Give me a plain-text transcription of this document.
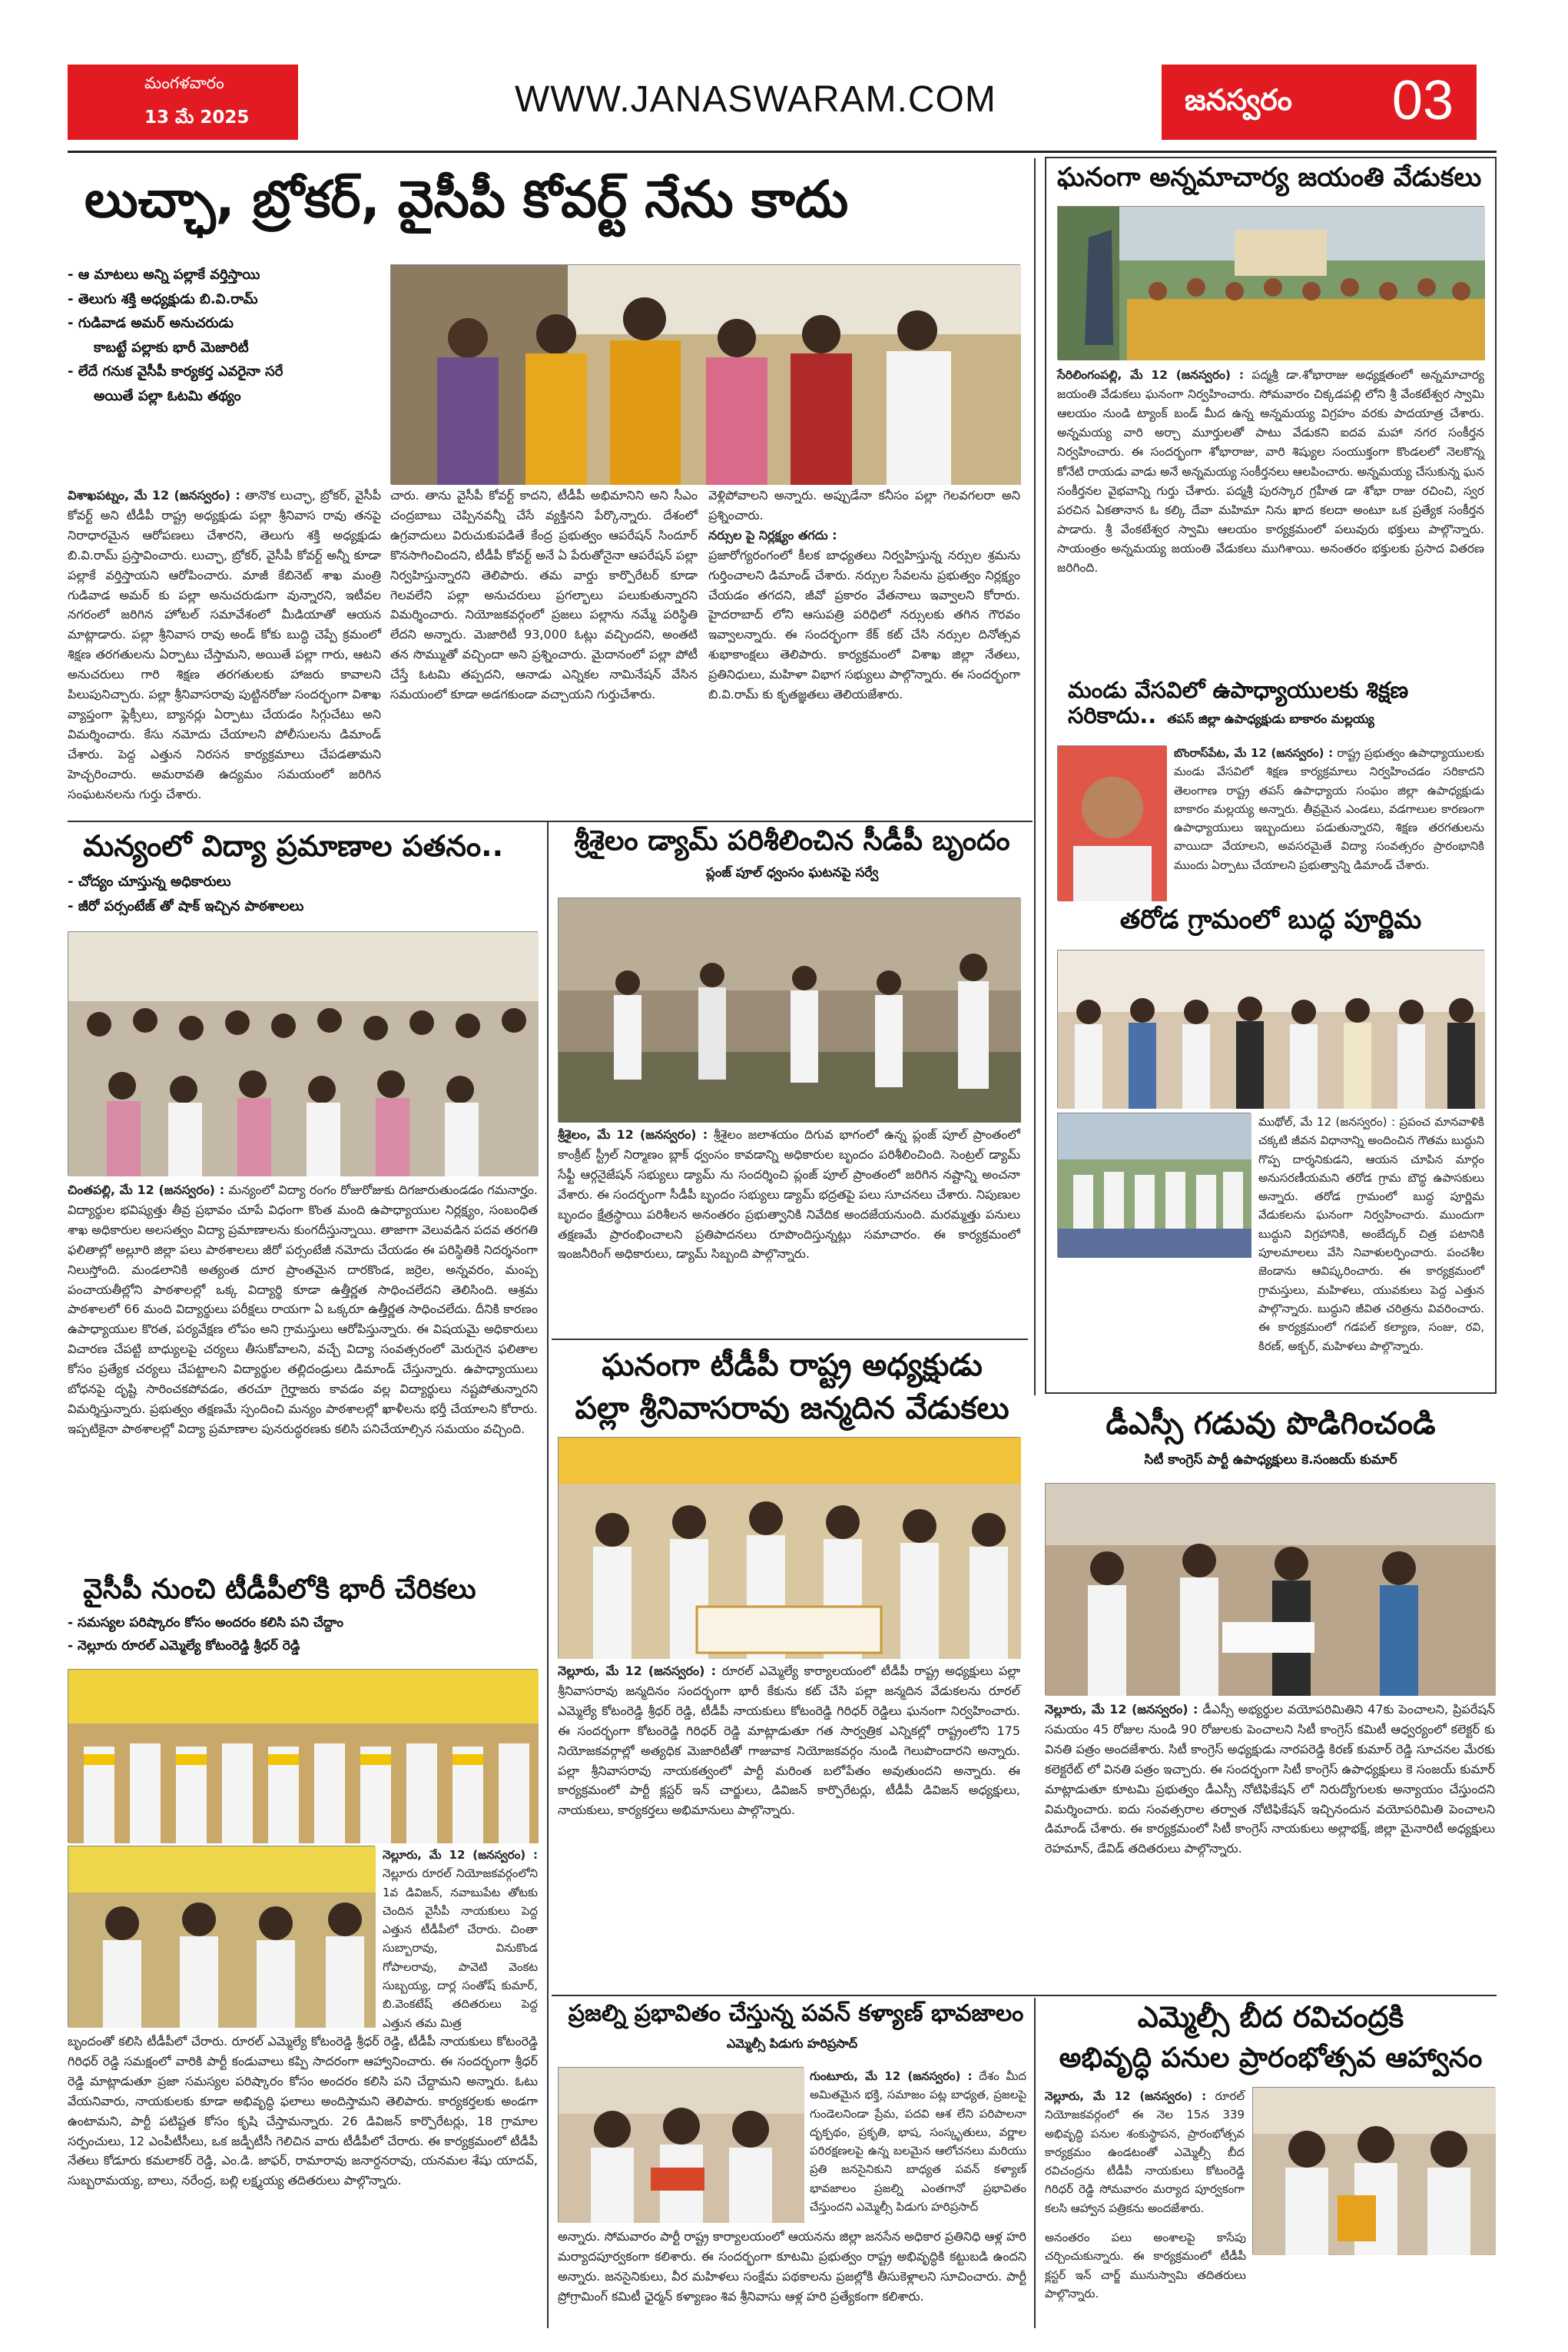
మంగళవారం
13 మే 2025	WWW.JANASWARAM.COM	జనస్వరం 03
లుచ్ఛా, బ్రోకర్, వైసీపీ కోవర్ట్ నేను కాదు
- ఆ మాటలు అన్ని పల్లాకే వర్తిస్తాయి
- తెలుగు శక్తి అధ్యక్షుడు బి.వి.రామ్
- గుడివాడ అమర్ అనుచరుడు
కాబట్టే పల్లాకు భారీ మెజారిటీ
- లేదే గనుక వైసీపీ కార్యకర్త ఎవరైనా సరే
అయితే పల్లా ఓటమి తథ్యం
విశాఖపట్నం, మే 12 (జనస్వరం) : తానొక లుచ్ఛా, బ్రోకర్, వైసీపీ కోవర్ట్ అని టీడీపీ రాష్ట్ర అధ్యక్షుడు పల్లా శ్రీనివాస రావు తనపై నిరాధారమైన ఆరోపణలు చేశారని, తెలుగు శక్తి అధ్యక్షుడు బి.వి.రామ్ ప్రస్తావించారు. లుచ్ఛా, బ్రోకర్, వైసీపీ కోవర్ట్ అన్నీ కూడా పల్లాకే వర్తిస్తాయని ఆరోపించారు. మాజీ కేబినెట్ శాఖ మంత్రి గుడివాడ అమర్ కు పల్లా అనుచరుడుగా వున్నారని, ఇటీవల నగరంలో జరిగిన హోటల్ సమావేశంలో మీడియాతో ఆయన మాట్లాడారు. పల్లా శ్రీనివాస రావు అండ్ కోకు బుద్ధి చెప్పే క్రమంలో శిక్షణ తరగతులను ఏర్పాటు చేస్తామని, అయితే పల్లా గారు, ఆటని అనుచరులు గారి శిక్షణ తరగతులకు హాజరు కావాలని పిలుపునిచ్చారు. పల్లా శ్రీనివాసరావు పుట్టినరోజు సందర్భంగా విశాఖ వ్యాప్తంగా ఫ్లెక్సీలు, బ్యానర్లు ఏర్పాటు చేయడం సిగ్గుచేటు అని విమర్శించారు. కేసు నమోదు చేయాలని పోలీసులను డిమాండ్ చేశారు. పెద్ద ఎత్తున నిరసన కార్యక్రమాలు చేపడతామని హెచ్చరించారు. అమరావతి ఉద్యమం సమయంలో జరిగిన సంఘటనలను గుర్తు చేశారు.
చారు. తాను వైసీపీ కోవర్ట్ కాదని, టీడీపీ అభిమానిని అని సీఎం చంద్రబాబు చెప్పినవన్నీ చేసే వ్యక్తినని పేర్కొన్నారు. దేశంలో ఉగ్రవాదులు విరుచుకుపడితే కేంద్ర ప్రభుత్వం ఆపరేషన్ సిందూర్ కొనసాగించిందని, టీడీపీ కోవర్ట్ అనే ఏ పేరుతోనైనా ఆపరేషన్ పల్లా నిర్వహిస్తున్నారని తెలిపారు. తమ వార్డు కార్పొరేటర్ కూడా గెలవలేని పల్లా అనుచరులు ప్రగల్భాలు పలుకుతున్నారని విమర్శించారు. నియోజకవర్గంలో ప్రజలు పల్లాను నమ్మే పరిస్థితి లేదని అన్నారు. మెజారిటీ 93,000 ఓట్లు వచ్చిందని, అంతటి తన సొమ్ముతో వచ్చిందా అని ప్రశ్నించారు. మైదానంలో పల్లా పోటీ చేస్తే ఓటమి తప్పదని, ఆనాడు ఎన్నికల నామినేషన్ వేసిన సమయంలో కూడా అడగకుండా వచ్చాయని గుర్తుచేశారు.
వెళ్లిపోవాలని అన్నారు. అప్పుడేనా కనీసం పల్లా గెలవగలరా అని ప్రశ్నించారు.
నర్సుల పై నిర్లక్ష్యం తగదు :
ప్రజారోగ్యరంగంలో కీలక బాధ్యతలు నిర్వహిస్తున్న నర్సుల శ్రమను గుర్తించాలని డిమాండ్ చేశారు. నర్సుల సేవలను ప్రభుత్వం నిర్లక్ష్యం చేయడం తగదని, జీవో ప్రకారం వేతనాలు ఇవ్వాలని కోరారు. హైదరాబాద్ లోని ఆసుపత్రి పరిధిలో నర్సులకు తగిన గౌరవం ఇవ్వాలన్నారు. ఈ సందర్భంగా కేక్ కట్ చేసి నర్సుల దినోత్సవ శుభాకాంక్షలు తెలిపారు. కార్యక్రమంలో విశాఖ జిల్లా నేతలు, ప్రతినిధులు, మహిళా విభాగ సభ్యులు పాల్గొన్నారు. ఈ సందర్భంగా బి.వి.రామ్ కు కృతజ్ఞతలు తెలియజేశారు.
ఘనంగా అన్నమాచార్య జయంతి వేడుకలు
సేరిలింగంపల్లి, మే 12 (జనస్వరం) : పద్మశ్రీ డా.శోభారాజు అధ్యక్షతంలో అన్నమాచార్య జయంతి వేడుకలు ఘనంగా నిర్వహించారు. సోమవారం చిక్కడపల్లి లోని శ్రీ వేంకటేశ్వర స్వామి ఆలయం నుండి ట్యాంక్ బండ్ మీద ఉన్న అన్నమయ్య విగ్రహం వరకు పాదయాత్ర చేశారు. అన్నమయ్య వారి అర్చా మూర్తులతో పాటు వేడుకని ఐదవ మహా నగర సంకీర్తన నిర్వహించారు. ఈ సందర్భంగా శోభారాజు, వారి శిష్యుల సంయుక్తంగా కొండలలో నెలకొన్న కోనేటి రాయడు వాడు అనే అన్నమయ్య సంకీర్తనలు ఆలపించారు. అన్నమయ్య చేసుకున్న ఘన సంకీర్తనల వైభవాన్ని గుర్తు చేశారు. పద్మశ్రీ పురస్కార గ్రహీత డా శోభా రాజు రచించి, స్వర పరచిన ఏకతానాన ఓ కల్కి దేవా మహిమా నిను ఖాద కలదా అంటూ ఒక ప్రత్యేక సంకీర్తన పాడారు. శ్రీ వేంకటేశ్వర స్వామి ఆలయం కార్యక్రమంలో పలువురు భక్తులు పాల్గొన్నారు. సాయంత్రం అన్నమయ్య జయంతి వేడుకలు ముగిశాయి. అనంతరం భక్తులకు ప్రసాద వితరణ జరిగింది.
మండు వేసవిలో ఉపాధ్యాయులకు శిక్షణ సరికాదు.. తపస్ జిల్లా ఉపాధ్యక్షుడు బాకారం మల్లయ్య
బొంరాస్‌పేట, మే 12 (జనస్వరం) : రాష్ట్ర ప్రభుత్వం ఉపాధ్యాయులకు మండు వేసవిలో శిక్షణ కార్యక్రమాలు నిర్వహించడం సరికాదని తెలంగాణ రాష్ట్ర తపస్ ఉపాధ్యాయ సంఘం జిల్లా ఉపాధ్యక్షుడు బాకారం మల్లయ్య అన్నారు. తీవ్రమైన ఎండలు, వడగాలుల కారణంగా ఉపాధ్యాయులు ఇబ్బందులు పడుతున్నారని, శిక్షణ తరగతులను వాయిదా వేయాలని, అవసరమైతే విద్యా సంవత్సరం ప్రారంభానికి ముందు ఏర్పాటు చేయాలని ప్రభుత్వాన్ని డిమాండ్ చేశారు.
తరోడ గ్రామంలో బుద్ధ పూర్ణిమ
ముథోల్, మే 12 (జనస్వరం) : ప్రపంచ మానవాళికి చక్కటి జీవన విధానాన్ని అందించిన గౌతమ బుద్ధుని గొప్ప దార్శనికుడని, ఆయన చూపిన మార్గం అనుసరణీయమని తరోడ గ్రామ బౌద్ధ ఉపాసకులు అన్నారు. తరోడ గ్రామంలో బుద్ధ పూర్ణిమ వేడుకలను ఘనంగా నిర్వహించారు. ముందుగా బుద్ధుని విగ్రహానికి, అంబేద్కర్ చిత్ర పటానికి పూలమాలలు వేసి నివాళులర్పించారు. పంచశీల జెండాను ఆవిష్కరించారు. ఈ కార్యక్రమంలో గ్రామస్తులు, మహిళలు, యువకులు పెద్ద ఎత్తున పాల్గొన్నారు. బుద్ధుని జీవిత చరిత్రను వివరించారు. ఈ కార్యక్రమంలో గడపల్ కల్యాణ, సంజు, రవి, కిరణ్, అక్బర్, మహిళలు పాల్గొన్నారు.
మన్యంలో విద్యా ప్రమాణాల పతనం..
- చోద్యం చూస్తున్న అధికారులు
- జీరో పర్సంటేజ్ తో షాక్ ఇచ్చిన పాఠశాలలు
చింతపల్లి, మే 12 (జనస్వరం) : మన్యంలో విద్యా రంగం రోజురోజుకు దిగజారుతుండడం గమనార్హం. విద్యార్థుల భవిష్యత్తు తీవ్ర ప్రభావం చూపే విధంగా కొంత మంది ఉపాధ్యాయుల నిర్లక్ష్యం, సంబంధిత శాఖ అధికారుల అలసత్వం విద్యా ప్రమాణాలను కుంగదీస్తున్నాయి. తాజాగా వెలువడిన పదవ తరగతి ఫలితాల్లో అల్లూరి జిల్లా పలు పాఠశాలలు జీరో పర్సంటేజీ నమోదు చేయడం ఈ పరిస్థితికి నిదర్శనంగా నిలుస్తోంది. మండలానికి అత్యంత దూర ప్రాంతమైన దారకొండ, జర్రెల, అన్నవరం, మంప్ప పంచాయతీల్లోని పాఠశాలల్లో ఒక్క విద్యార్థి కూడా ఉత్తీర్ణత సాధించలేదని తెలిసింది. ఆశ్రమ పాఠశాలలో 66 మంది విద్యార్థులు పరీక్షలు రాయగా ఏ ఒక్కరూ ఉత్తీర్ణత సాధించలేదు. దీనికి కారణం ఉపాధ్యాయుల కొరత, పర్యవేక్షణ లోపం అని గ్రామస్తులు ఆరోపిస్తున్నారు. ఈ విషయమై అధికారులు విచారణ చేపట్టి బాధ్యులపై చర్యలు తీసుకోవాలని, వచ్చే విద్యా సంవత్సరంలో మెరుగైన ఫలితాల కోసం ప్రత్యేక చర్యలు చేపట్టాలని విద్యార్థుల తల్లిదండ్రులు డిమాండ్ చేస్తున్నారు. ఉపాధ్యాయులు బోధనపై దృష్టి సారించకపోవడం, తరచూ గైర్హాజరు కావడం వల్ల విద్యార్థులు నష్టపోతున్నారని విమర్శిస్తున్నారు. ప్రభుత్వం తక్షణమే స్పందించి మన్యం పాఠశాలల్లో ఖాళీలను భర్తీ చేయాలని కోరారు. ఇప్పటికైనా పాఠశాలల్లో విద్యా ప్రమాణాల పునరుద్ధరణకు కలిసి పనిచేయాల్సిన సమయం వచ్చింది.
శ్రీశైలం డ్యామ్ పరిశీలించిన సీడీపీ బృందం
ప్లంజ్ పూల్ ధ్వంసం ఘటనపై సర్వే
శ్రీశైలం, మే 12 (జనస్వరం) : శ్రీశైలం జలాశయం దిగువ భాగంలో ఉన్న ప్లంజ్ పూల్ ప్రాంతంలో కాంక్రీట్ స్ట్రీల్ నిర్మాణం బ్లాక్ ధ్వంసం కావడాన్ని అధికారుల బృందం పరిశీలించింది. సెంట్రల్ డ్యామ్ సేఫ్టీ ఆర్గనైజేషన్ సభ్యులు డ్యామ్ ను సందర్శించి ప్లంజ్ పూల్ ప్రాంతంలో జరిగిన నష్టాన్ని అంచనా వేశారు. ఈ సందర్భంగా సీడీపీ బృందం సభ్యులు డ్యామ్ భద్రతపై పలు సూచనలు చేశారు. నిపుణుల బృందం క్షేత్రస్థాయి పరిశీలన అనంతరం ప్రభుత్వానికి నివేదిక అందజేయనుంది. మరమ్మత్తు పనులు తక్షణమే ప్రారంభించాలని ప్రతిపాదనలు రూపొందిస్తున్నట్లు సమాచారం. ఈ కార్యక్రమంలో ఇంజనీరింగ్ అధికారులు, డ్యామ్ సిబ్బంది పాల్గొన్నారు.
ఘనంగా టీడీపీ రాష్ట్ర అధ్యక్షుడు
పల్లా శ్రీనివాసరావు జన్మదిన వేడుకలు
నెల్లూరు, మే 12 (జనస్వరం) : రూరల్ ఎమ్మెల్యే కార్యాలయంలో టీడీపీ రాష్ట్ర అధ్యక్షులు పల్లా శ్రీనివాసరావు జన్మదినం సందర్భంగా భారీ కేకును కట్ చేసి పల్లా జన్మదిన వేడుకలను రూరల్ ఎమ్మెల్యే కోటంరెడ్డి శ్రీధర్ రెడ్డి, టీడీపీ నాయకులు కోటంరెడ్డి గిరిధర్ రెడ్డిలు ఘనంగా నిర్వహించారు. ఈ సందర్భంగా కోటంరెడ్డి గిరిధర్ రెడ్డి మాట్లాడుతూ గత సార్వత్రిక ఎన్నికల్లో రాష్ట్రంలోని 175 నియోజకవర్గాల్లో అత్యధిక మెజారిటీతో గాజువాక నియోజకవర్గం నుండి గెలుపొందారని అన్నారు. పల్లా శ్రీనివాసరావు నాయకత్వంలో పార్టీ మరింత బలోపేతం అవుతుందని అన్నారు. ఈ కార్యక్రమంలో పార్టీ క్లస్టర్ ఇన్ చార్జులు, డివిజన్ కార్పొరేటర్లు, టీడీపీ డివిజన్ అధ్యక్షులు, నాయకులు, కార్యకర్తలు అభిమానులు పాల్గొన్నారు.
డీఎస్సీ గడువు పొడిగించండి
సిటీ కాంగ్రెస్ పార్టీ ఉపాధ్యక్షులు కె.సంజయ్ కుమార్
నెల్లూరు, మే 12 (జనస్వరం) : డీఎస్సీ అభ్యర్థుల వయోపరిమితిని 47కు పెంచాలని, ప్రిపరేషన్ సమయం 45 రోజుల నుండి 90 రోజులకు పెంచాలని సిటీ కాంగ్రెస్ కమిటీ ఆధ్వర్యంలో కలెక్టర్ కు వినతి పత్రం అందజేశారు. సిటీ కాంగ్రెస్ అధ్యక్షుడు నారపరెడ్డి కిరణ్ కుమార్ రెడ్డి సూచనల మేరకు కలెక్టరేట్ లో వినతి పత్రం ఇచ్చారు. ఈ సందర్భంగా సిటీ కాంగ్రెస్ ఉపాధ్యక్షులు కె సంజయ్ కుమార్ మాట్లాడుతూ కూటమి ప్రభుత్వం డీఎస్సీ నోటిఫికేషన్ లో నిరుద్యోగులకు అన్యాయం చేస్తుందని విమర్శించారు. ఐదు సంవత్సరాల తర్వాత నోటిఫికేషన్ ఇచ్చినందున వయోపరిమితి పెంచాలని డిమాండ్ చేశారు. ఈ కార్యక్రమంలో సిటీ కాంగ్రెస్ నాయకులు అల్లాభక్ష్, జిల్లా మైనారిటీ అధ్యక్షులు రెహమాన్, డేవిడ్ తదితరులు పాల్గొన్నారు.
వైసీపీ నుంచి టీడీపీలోకి భారీ చేరికలు
- సమస్యల పరిష్కారం కోసం అందరం కలిసి పని చేద్దాం
- నెల్లూరు రూరల్ ఎమ్మెల్యే కోటంరెడ్డి శ్రీధర్ రెడ్డి
నెల్లూరు, మే 12 (జనస్వరం) : నెల్లూరు రూరల్ నియోజకవర్గంలోని 1వ డివిజన్, నవాబుపేట తోటకు చెందిన వైసీపీ నాయకులు పెద్ద ఎత్తున టీడీపీలో చేరారు. చింతా సుబ్బారావు, వినుకొండ గోపాలరావు, పావెటి వెంకట సుబ్బయ్య, దార్ల సంతోష్ కుమార్, బి.వెంకటేష్ తదితరులు పెద్ద ఎత్తున తమ మిత్ర
బృందంతో కలిసి టీడీపీలో చేరారు. రూరల్ ఎమ్మెల్యే కోటంరెడ్డి శ్రీధర్ రెడ్డి, టీడీపీ నాయకులు కోటంరెడ్డి గిరిధర్ రెడ్డి సమక్షంలో వారికి పార్టీ కండువాలు కప్పి సాదరంగా ఆహ్వానించారు. ఈ సందర్భంగా శ్రీధర్ రెడ్డి మాట్లాడుతూ ప్రజా సమస్యల పరిష్కారం కోసం అందరం కలిసి పని చేద్దామని అన్నారు. ఓటు వేయనివారు, నాయకులకు కూడా అభివృద్ధి ఫలాలు అందిస్తామని తెలిపారు. కార్యకర్తలకు అండగా ఉంటామని, పార్టీ పటిష్టత కోసం కృషి చేస్తామన్నారు. 26 డివిజన్ కార్పొరేటర్లు, 18 గ్రామాల సర్పంచులు, 12 ఎంపీటీసీలు, ఒక జడ్పీటీసీ గెలిచిన వారు టీడీపీలో చేరారు. ఈ కార్యక్రమంలో టీడీపీ నేతలు కోడూరు కమలాకర్ రెడ్డి, ఎం.డి. జాఫర్, రామారావు జనార్దనరావు, యనమల శేషు యాదవ్, సుబ్బరామయ్య, బాలు, నరేంద్ర, బల్లి లక్ష్మయ్య తదితరులు పాల్గొన్నారు.
ప్రజల్ని ప్రభావితం చేస్తున్న పవన్ కళ్యాణ్ భావజాలం
ఎమ్మెల్సీ పిడుగు హరిప్రసాద్
గుంటూరు, మే 12 (జనస్వరం) : దేశం మీద అమితమైన భక్తి, సమాజం పట్ల బాధ్యత, ప్రజలపై గుండెలనిండా ప్రేమ, పదవి ఆశ లేని పరిపాలనా దృక్పథం, ప్రకృతి, భాష, సంస్కృతులు, వర్ణాల పరిరక్షణలపై ఉన్న బలమైన ఆలోచనలు మరియు ప్రతి జనసైనికుని బాధ్యత పవన్ కళ్యాణ్ భావజాలం ప్రజల్ని ఎంతగానో ప్రభావితం చేస్తుందని ఎమ్మెల్సీ పిడుగు హరిప్రసాద్
అన్నారు. సోమవారం పార్టీ రాష్ట్ర కార్యాలయంలో ఆయనను జిల్లా జనసేన అధికార ప్రతినిధి ఆళ్ల హరి మర్యాదపూర్వకంగా కలిశారు. ఈ సందర్భంగా కూటమి ప్రభుత్వం రాష్ట్ర అభివృద్ధికి కట్టుబడి ఉందని అన్నారు. జనసైనికులు, వీర మహిళలు సంక్షేమ పథకాలను ప్రజల్లోకి తీసుకెళ్లాలని సూచించారు. పార్టీ ప్రోగ్రామింగ్ కమిటీ ఛైర్మన్ కళ్యాణం శివ శ్రీనివాసు ఆళ్ల హరి ప్రత్యేకంగా కలిశారు.
ఎమ్మెల్సీ బీద రవిచంద్రకి
అభివృద్ధి పనుల ప్రారంభోత్సవ ఆహ్వానం
నెల్లూరు, మే 12 (జనస్వరం) : రూరల్ నియోజకవర్గంలో ఈ నెల 15న 339 అభివృద్ధి పనుల శంకుస్థాపన, ప్రారంభోత్సవ కార్యక్రమం ఉండటంతో ఎమ్మెల్సీ బీద రవిచంద్రను టీడీపీ నాయకులు కోటంరెడ్డి గిరిధర్ రెడ్డి సోమవారం మర్యాద పూర్వకంగా కలసి ఆహ్వాన పత్రికను అందజేశారు.
అనంతరం పలు అంశాలపై కాసేపు చర్చించుకున్నారు. ఈ కార్యక్రమంలో టీడీపీ క్లస్టర్ ఇన్ చార్జ్ మునుస్వామి తదితరులు పాల్గొన్నారు.
